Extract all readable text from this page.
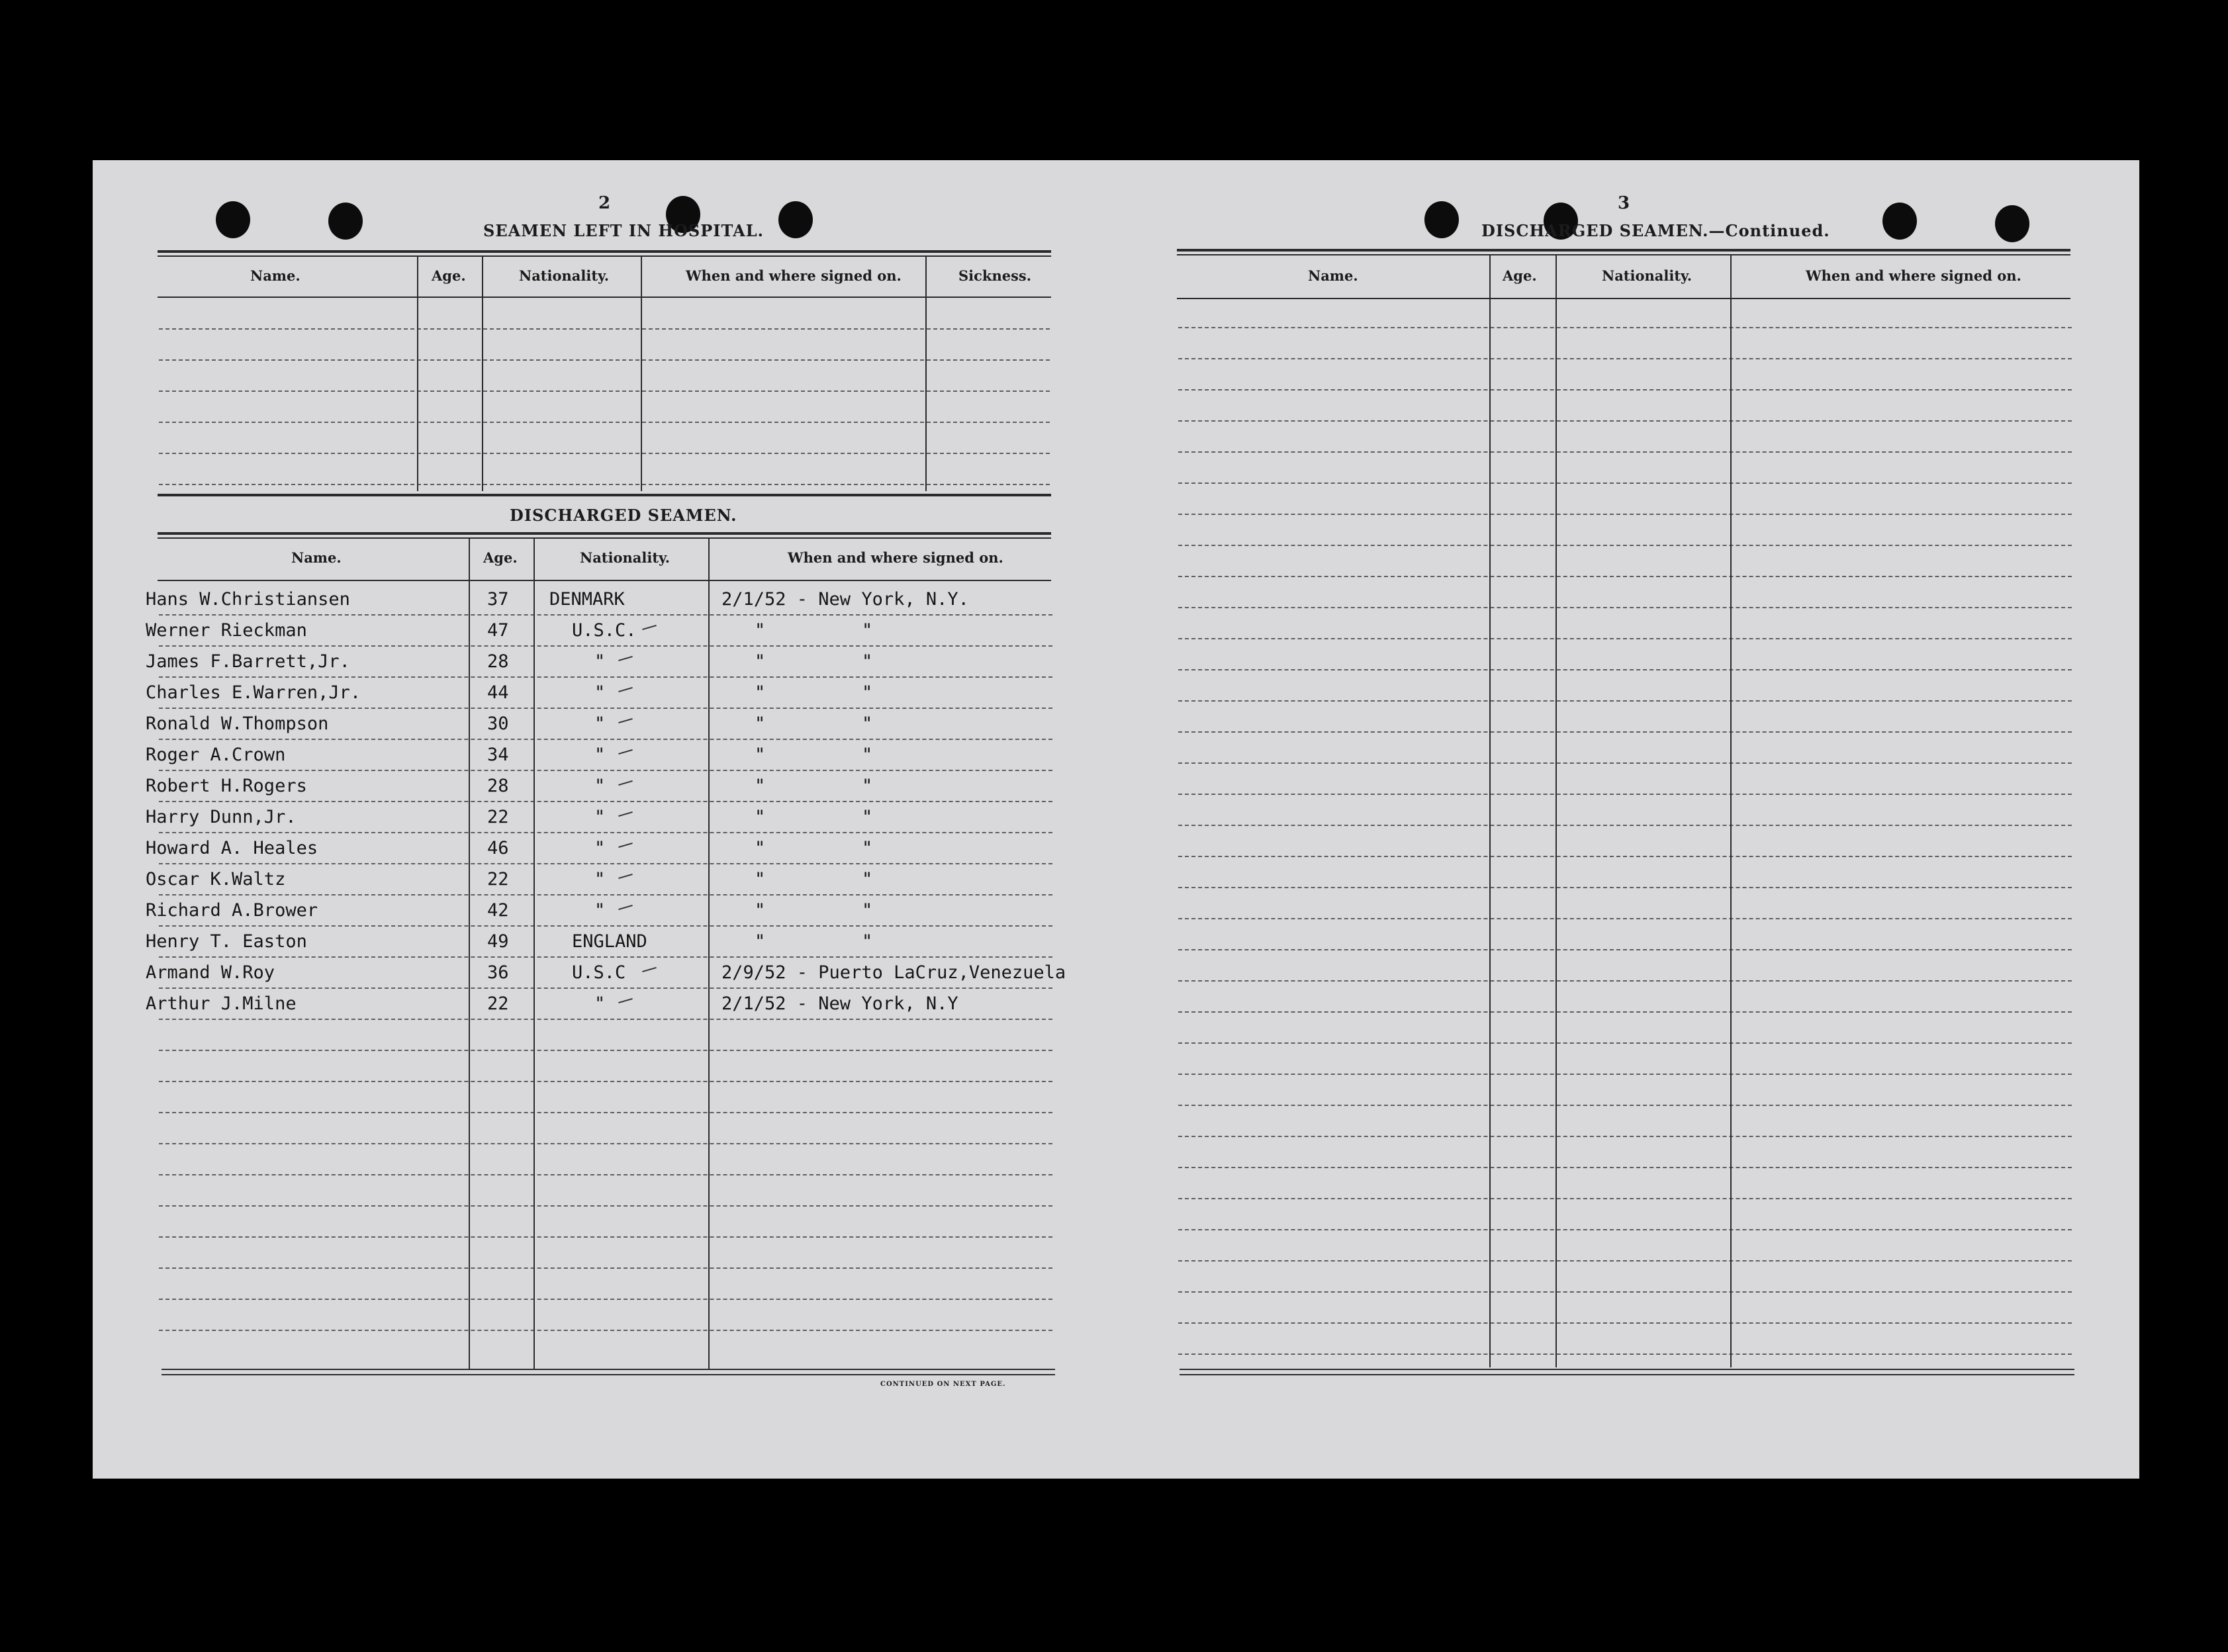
2
SEAMEN LEFT IN HOSPITAL.
Name.	Age.	Nationality.	When and where signed on.	Sickness.
DISCHARGED SEAMEN.
Name.	Age.	Nationality.	When and where signed on.
Hans W.Christiansen	37 DENMARK	2/1/52 - New York, N.Y.
Werner Rieckman	47	U.S.C.	"	"
James F.Barrett,Jr.	28	"	"	"
Charles E.Warren,Jr.	44	"	"	"
Ronald W.Thompson	30	"	"	"
Roger A.Crown	34	"	"	"
Robert H.Rogers	28	"	"	"
Harry Dunn,Jr.	22	"	"	"
Howard A. Heales	46	"	"	"
Oscar K.Waltz	22	"	"	"
Richard A.Brower	42	"	"	"
Henry T. Easton	49	ENGLAND	"	"
Armand W.Roy	36	U.S.C	2/9/52 - Puerto LaCruz,Venezuela
Arthur J.Milne	22	"	2/1/52 - New York, N.Y
CONTINUED ON NEXT PAGE.
3
DISCHARGED SEAMEN.—Continued.
Name.	Age.	Nationality.	When and where signed on.
